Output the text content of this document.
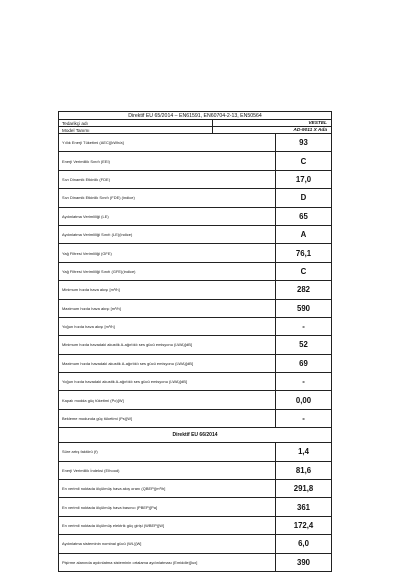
Direktif EU 65/2014 – EN61591, EN60704-2-13, EN50564
Tedarikçi adı	VESTEL
Model Tanımı	AD-9011 X Ada
Yıllık Enerji Tüketimi (AEC)[kWh/a]	93
Enerji Verimlilik Sınıfı (EEI)	C
Sıvı Dinamik Etkinlik (FDE)	17,0
Sıvı Dinamik Etkinlik Sınıfı (FDE) (indice)	D
Aydınlatma Verimliliği (LE)	65
Aydınlatma Verimliliği Sınıfı (LE)(indice)	A
Yağ Filtresi Verimliliği (GFE)	76,1
Yağ Filtresi Verimliliği Sınıfı (GFE)(indice)	C
Minimum hızda hava akışı [m³/h]	282
Maximum hızda hava akışı [m³/h]	590
Yoğun hızda hava akışı [m³/h]	-
Minimum hızda havadaki akustik A-ağırlıklı ses gücü emisyonu (LWA)[dB]	52
Maximum hızda havadaki akustik A-ağırlıklı ses gücü emisyonu (LWA)[dB]	69
Yoğun hızda havadaki akustik A-ağırlıklı ses gücü emisyonu (LWA)[dB]	-
Kapalı modda güç tüketimi (Po)[W]	0,00
Bekleme modunda güç tüketimi (Ps)[W]	-
Direktif EU 66/2014
Süre artış faktörü (f)	1,4
Enerji Verimlilik İndeksi (EIhood)	81,6
En verimli noktada ölçülmüş hava akış oranı (QBEP)[m³/h]	291,8
En verimli noktada ölçülmüş hava basıncı (PBEP)[Pa]	361
En verimli noktada ölçülmüş elektrik güç girişi (WBEP)[W]	172,4
Aydınlatma sisteminin nominal gücü (WL)[W]	6,0
Pişirme alanında aydınlatma sisteminin ortalama aydınlatması (Emiddle)[lux]	390
